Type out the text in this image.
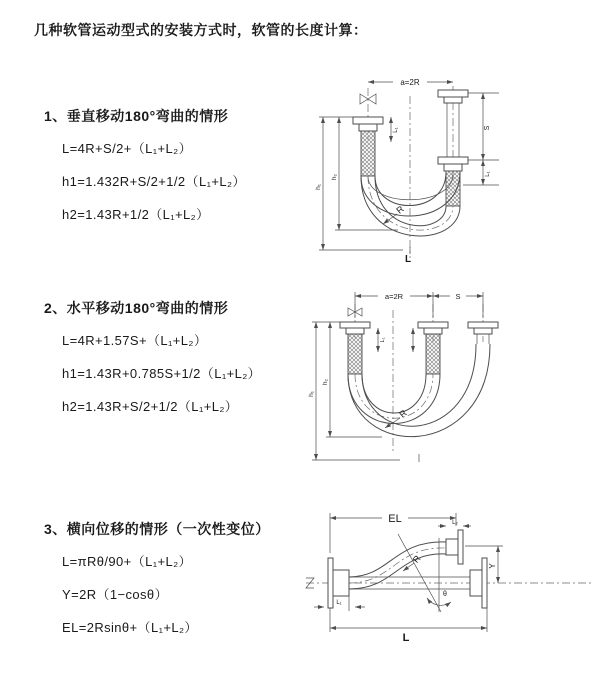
几种软管运动型式的安装方式时，软管的长度计算：
1、垂直移动180°弯曲的情形
L=4R+S/2+（L₁+L₂）
h1=1.432R+S/2+1/2（L₁+L₂）
h2=1.43R+1/2（L₁+L₂）
2、水平移动180°弯曲的情形
L=4R+1.57S+（L₁+L₂）
h1=1.43R+0.785S+1/2（L₁+L₂）
h2=1.43R+S/2+1/2（L₁+L₂）
3、横向位移的情形（一次性变位）
L=πRθ/90+（L₁+L₂）
Y=2R（1−cosθ）
EL=2Rsinθ+（L₁+L₂）
a=2R
h₂
h₁
L₁	S
L₁
R
L
a=2R	S
L₁
h₂
h₁
R
EL	L₂
θ
R
Y
L₁
L
